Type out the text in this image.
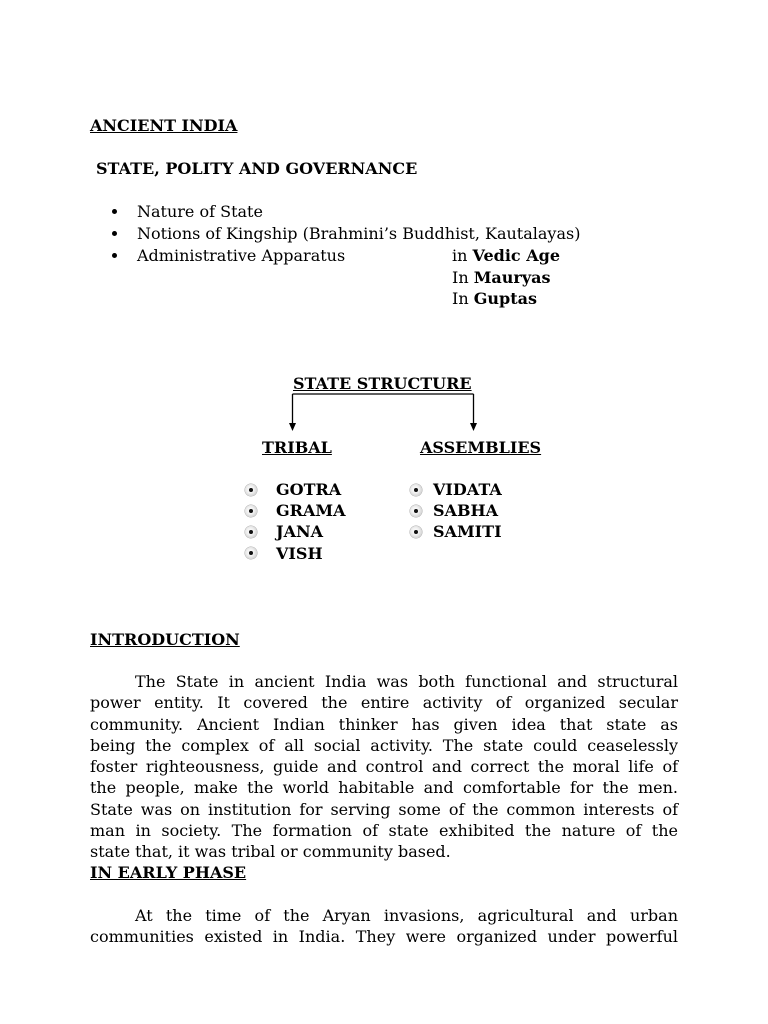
ANCIENT INDIA
STATE, POLITY AND GOVERNANCE
Nature of State
Notions of Kingship (Brahmini’s Buddhist, Kautalayas)
Administrative Apparatus	in Vedic Age
In Mauryas
In Guptas
STATE STRUCTURE
TRIBAL	ASSEMBLIES
GOTRA
GRAMA
JANA
VISH
VIDATA
SABHA
SAMITI
INTRODUCTION
The State in ancient India was both functional and structural
power entity. It covered the entire activity of organized secular
community. Ancient Indian thinker has given idea that state as
being the complex of all social activity. The state could ceaselessly
foster righteousness, guide and control and correct the moral life of
the people, make the world habitable and comfortable for the men.
State was on institution for serving some of the common interests of
man in society. The formation of state exhibited the nature of the
state that, it was tribal or community based.
IN EARLY PHASE
At the time of the Aryan invasions, agricultural and urban
communities existed in India. They were organized under powerful
